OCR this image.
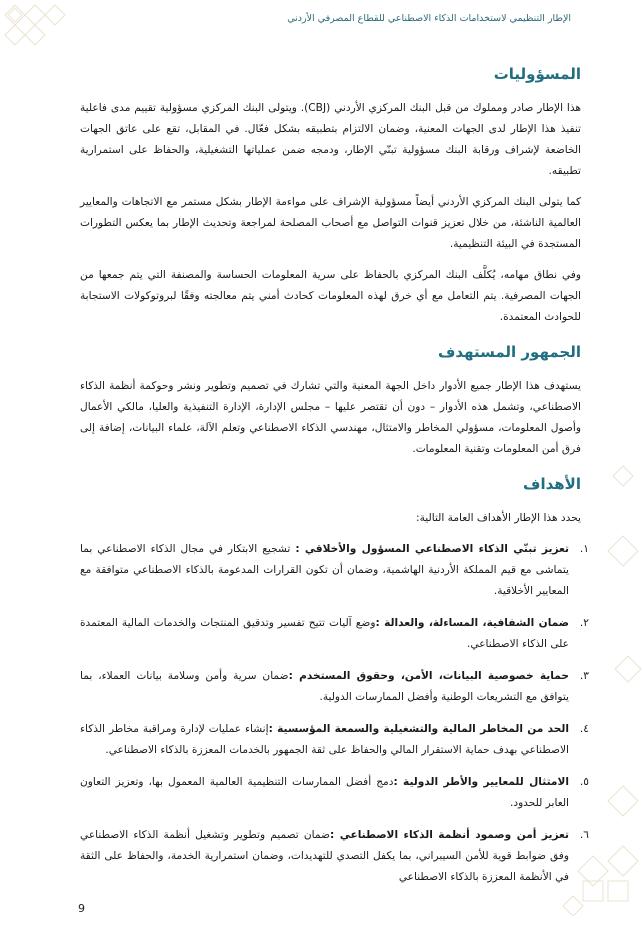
الإطار التنظيمي لاستخدامات الذكاء الاصطناعي للقطاع المصرفي الأردني
المسؤوليات

هذا الإطار صادر ومملوك من قبل البنك المركزي الأردني (CBJ). ويتولى البنك المركزي مسؤولية تقييم مدى فاعلية تنفيذ هذا الإطار لدى الجهات المعنية، وضمان الالتزام بتطبيقه بشكل فعّال. في المقابل، تقع على عاتق الجهات الخاضعة لإشراف ورقابة البنك مسؤولية تبنّي الإطار، ودمجه ضمن عملياتها التشغيلية، والحفاظ على استمرارية تطبيقه.

كما يتولى البنك المركزي الأردني أيضاً مسؤولية الإشراف على مواءمة الإطار بشكل مستمر مع الاتجاهات والمعايير العالمية الناشئة، من خلال تعزيز قنوات التواصل مع أصحاب المصلحة لمراجعة وتحديث الإطار بما يعكس التطورات المستجدة في البيئة التنظيمية.

وفي نطاق مهامه، يُكلَّف البنك المركزي بالحفاظ على سرية المعلومات الحساسة والمصنفة التي يتم جمعها من الجهات المصرفية. يتم التعامل مع أي خرق لهذه المعلومات كحادث أمني يتم معالجته وفقًا لبروتوكولات الاستجابة للحوادث المعتمدة.

الجمهور المستهدف

يستهدف هذا الإطار جميع الأدوار داخل الجهة المعنية والتي تشارك في تصميم وتطوير ونشر وحوكمة أنظمة الذكاء الاصطناعي، وتشمل هذه الأدوار – دون أن تقتصر عليها – مجلس الإدارة، الإدارة التنفيذية والعليا، مالكي الأعمال وأصول المعلومات، مسؤولي المخاطر والامتثال، مهندسي الذكاء الاصطناعي وتعلم الآلة، علماء البيانات، إضافة إلى فرق أمن المعلومات وتقنية المعلومات.

الأهداف

يحدد هذا الإطار الأهداف العامة التالية:

١.
تعزيز تبنّي الذكاء الاصطناعي المسؤول والأخلاقي : تشجيع الابتكار في مجال الذكاء الاصطناعي بما يتماشى مع قيم المملكة الأردنية الهاشمية، وضمان أن تكون القرارات المدعومة بالذكاء الاصطناعي متوافقة مع المعايير الأخلاقية.
٢.
ضمان الشفافية، المساءلة، والعدالة :وضع آليات تتيح تفسير وتدقيق المنتجات والخدمات المالية المعتمدة على الذكاء الاصطناعي.
٣.
حماية خصوصية البيانات، الأمن، وحقوق المستخدم :ضمان سرية وأمن وسلامة بيانات العملاء، بما يتوافق مع التشريعات الوطنية وأفضل الممارسات الدولية.
٤.
الحد من المخاطر المالية والتشغيلية والسمعة المؤسسية :إنشاء عمليات لإدارة ومراقبة مخاطر الذكاء الاصطناعي بهدف حماية الاستقرار المالي والحفاظ على ثقة الجمهور بالخدمات المعززة بالذكاء الاصطناعي.
٥.
الامتثال للمعايير والأطر الدولية :دمج أفضل الممارسات التنظيمية العالمية المعمول بها، وتعزيز التعاون العابر للحدود.
٦.
تعزيز أمن وصمود أنظمة الذكاء الاصطناعي :ضمان تصميم وتطوير وتشغيل أنظمة الذكاء الاصطناعي وفق ضوابط قوية للأمن السيبراني، بما يكفل التصدي للتهديدات، وضمان استمرارية الخدمة، والحفاظ على الثقة في الأنظمة المعززة بالذكاء الاصطناعي
9
